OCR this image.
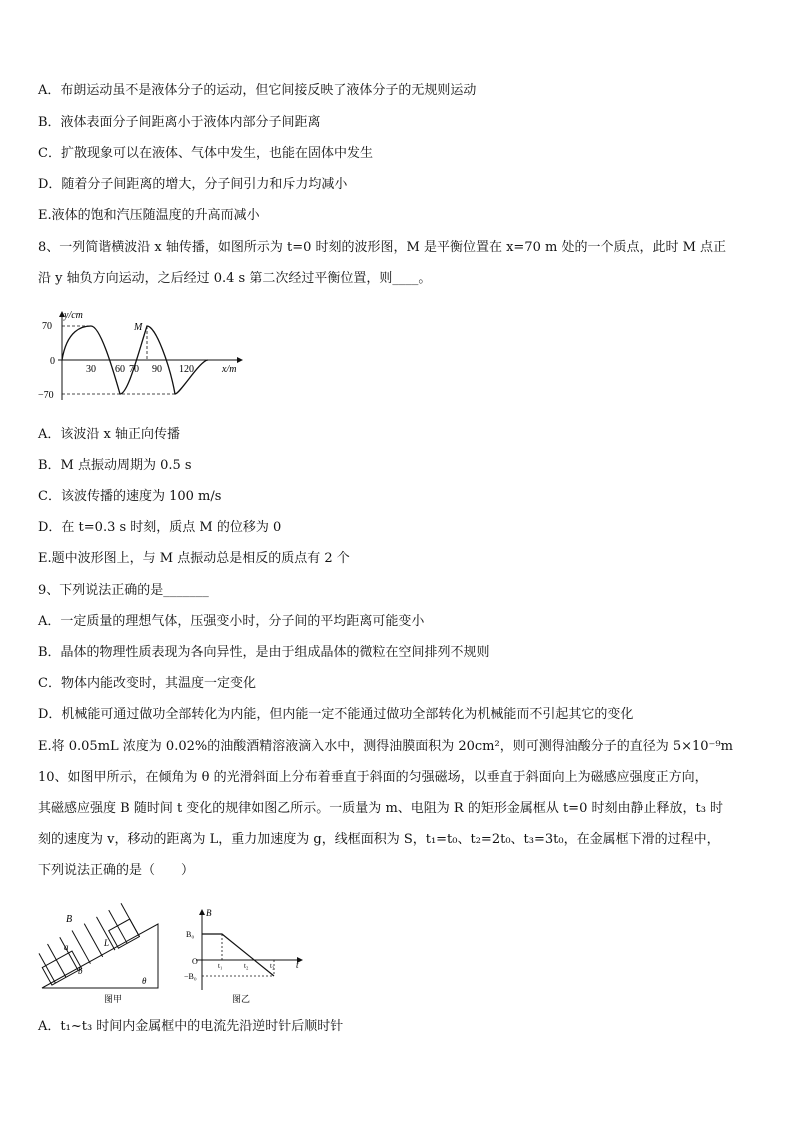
A．布朗运动虽不是液体分子的运动，但它间接反映了液体分子的无规则运动
B．液体表面分子间距离小于液体内部分子间距离
C．扩散现象可以在液体、气体中发生，也能在固体中发生
D．随着分子间距离的增大，分子间引力和斥力均减小
E.液体的饱和汽压随温度的升高而减小
8、一列简谐横波沿 x 轴传播，如图所示为 t=0 时刻的波形图，M 是平衡位置在 x=70 m 处的一个质点，此时 M 点正
沿 y 轴负方向运动，之后经过 0.4 s 第二次经过平衡位置，则____。
y/cm
x/m
M
70
0
−70
30 60 70 90 120
A．该波沿 x 轴正向传播
B．M 点振动周期为 0.5 s
C．该波传播的速度为 100 m/s
D．在 t=0.3 s 时刻，质点 M 的位移为 0
E.题中波形图上，与 M 点振动总是相反的质点有 2 个
9、下列说法正确的是_______
A．一定质量的理想气体，压强变小时，分子间的平均距离可能变小
B．晶体的物理性质表现为各向异性，是由于组成晶体的微粒在空间排列不规则
C．物体内能改变时，其温度一定变化
D．机械能可通过做功全部转化为内能，但内能一定不能通过做功全部转化为机械能而不引起其它的变化
E.将 0.05mL 浓度为 0.02%的油酸酒精溶液滴入水中，测得油膜面积为 20cm²，则可测得油酸分子的直径为 5×10⁻⁹m
10、如图甲所示，在倾角为 θ 的光滑斜面上分布着垂直于斜面的匀强磁场，以垂直于斜面向上为磁感应强度正方向，
其磁感应强度 B 随时间 t 变化的规律如图乙所示。一质量为 m、电阻为 R 的矩形金属框从 t=0 时刻由静止释放，t₃ 时
刻的速度为 v，移动的距离为 L，重力加速度为 g，线框面积为 S，t₁=t₀、t₂=2t₀、t₃=3t₀，在金属框下滑的过程中，
下列说法正确的是（　　）
B
a	L
b
θ
图甲
B
B₀
O
−B₀
t₁	t₂	t₃ t
图乙
A．t₁~t₃ 时间内金属框中的电流先沿逆时针后顺时针
